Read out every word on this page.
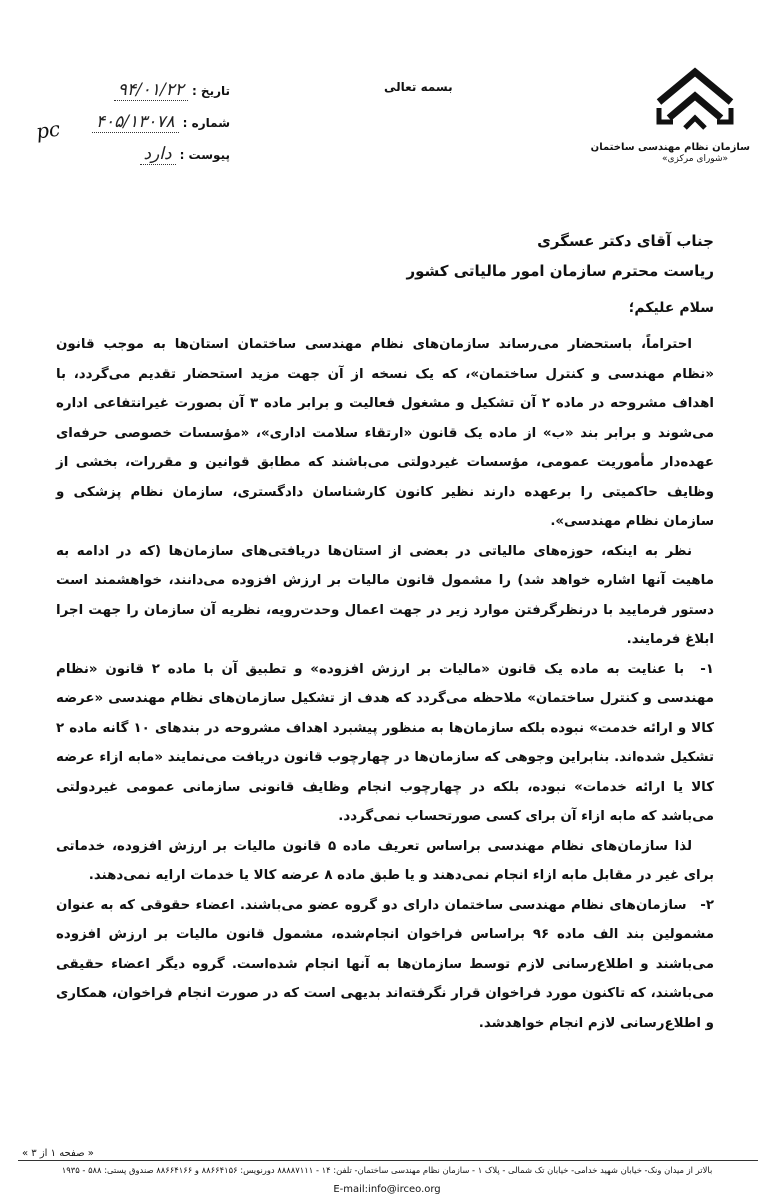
سازمان نظام مهندسی ساختمان
«شورای مرکزی»
بسمه تعالی
تاریخ :
۹۴/۰۱/۲۲
شماره :
۴۰۵/۱۳۰۷۸
پیوست :
دارد
pc
جناب آقای دکتر عسگری
ریاست محترم سازمان امور مالیاتی کشور
سلام علیکم؛

احتراماً، باستحضار می‌رساند سازمان‌های نظام مهندسی ساختمان استان‌ها به موجب قانون «نظام مهندسی و کنترل ساختمان»، که یک نسخه از آن جهت مزید استحضار تقدیم می‌گردد، با اهداف مشروحه در ماده ۲ آن تشکیل و مشغول فعالیت و برابر ماده ۳ آن بصورت غیرانتفاعی اداره می‌شوند و برابر بند «ب» از ماده یک قانون «ارتقاء سلامت اداری»، «مؤسسات خصوصی حرفه‌ای عهده‌دار مأموریت عمومی، مؤسسات غیردولتی می‌باشند که مطابق قوانین و مقررات، بخشی از وظایف حاکمیتی را برعهده دارند نظیر کانون کارشناسان دادگستری، سازمان نظام پزشکی و سازمان نظام مهندسی».

نظر به اینکه، حوزه‌های مالیاتی در بعضی از استان‌ها دریافتی‌های سازمان‌ها (که در ادامه به ماهیت آنها اشاره خواهد شد) را مشمول قانون مالیات بر ارزش افزوده می‌دانند، خواهشمند است دستور فرمایید با درنظرگرفتن موارد زیر در جهت اعمال وحدت‌رویه، نظریه آن سازمان را جهت اجرا ابلاغ فرمایند.

۱- با عنایت به ماده یک قانون «مالیات بر ارزش افزوده» و تطبیق آن با ماده ۲ قانون «نظام مهندسی و کنترل ساختمان» ملاحظه می‌گردد که هدف از تشکیل سازمان‌های نظام مهندسی «عرضه کالا و ارائه خدمت» نبوده بلکه سازمان‌ها به منظور پیشبرد اهداف مشروحه در بندهای ۱۰ گانه ماده ۲ تشکیل شده‌اند. بنابراین وجوهی که سازمان‌ها در چهارچوب قانون دریافت می‌نمایند «مابه ازاء عرضه کالا یا ارائه خدمات» نبوده، بلکه در چهارچوب انجام وظایف قانونی سازمانی عمومی غیردولتی می‌باشد که مابه ازاء آن برای کسی صورتحساب نمی‌گردد.

لذا سازمان‌های نظام مهندسی براساس تعریف ماده ۵ قانون مالیات بر ارزش افزوده، خدماتی برای غیر در مقابل مابه ازاء انجام نمی‌دهند و یا طبق ماده ۸ عرضه کالا یا خدمات ارایه نمی‌دهند.

۲- سازمان‌های نظام مهندسی ساختمان دارای دو گروه عضو می‌باشند. اعضاء حقوقی که به عنوان مشمولین بند الف ماده ۹۶ براساس فراخوان انجام‌شده، مشمول قانون مالیات بر ارزش افزوده می‌باشند و اطلاع‌رسانی لازم توسط سازمان‌ها به آنها انجام شده‌است. گروه دیگر اعضاء حقیقی می‌باشند، که تاکنون مورد فراخوان قرار نگرفته‌اند بدیهی است که در صورت انجام فراخوان، همکاری و اطلاع‌رسانی لازم انجام خواهدشد.

« صفحه ۱ از ۳ »
بالاتر از میدان ونک- خیابان شهید خدامی- خیابان تک شمالی - پلاک ۱ - سازمان نظام مهندسی ساختمان- تلفن: ۱۴ - ۸۸۸۸۷۱۱۱ دورنویس: ۸۸۶۶۴۱۵۶ و ۸۸۶۶۴۱۶۶ صندوق پستی: ۵۸۸ - ۱۹۳۵
E-mail:info@irceo.org
